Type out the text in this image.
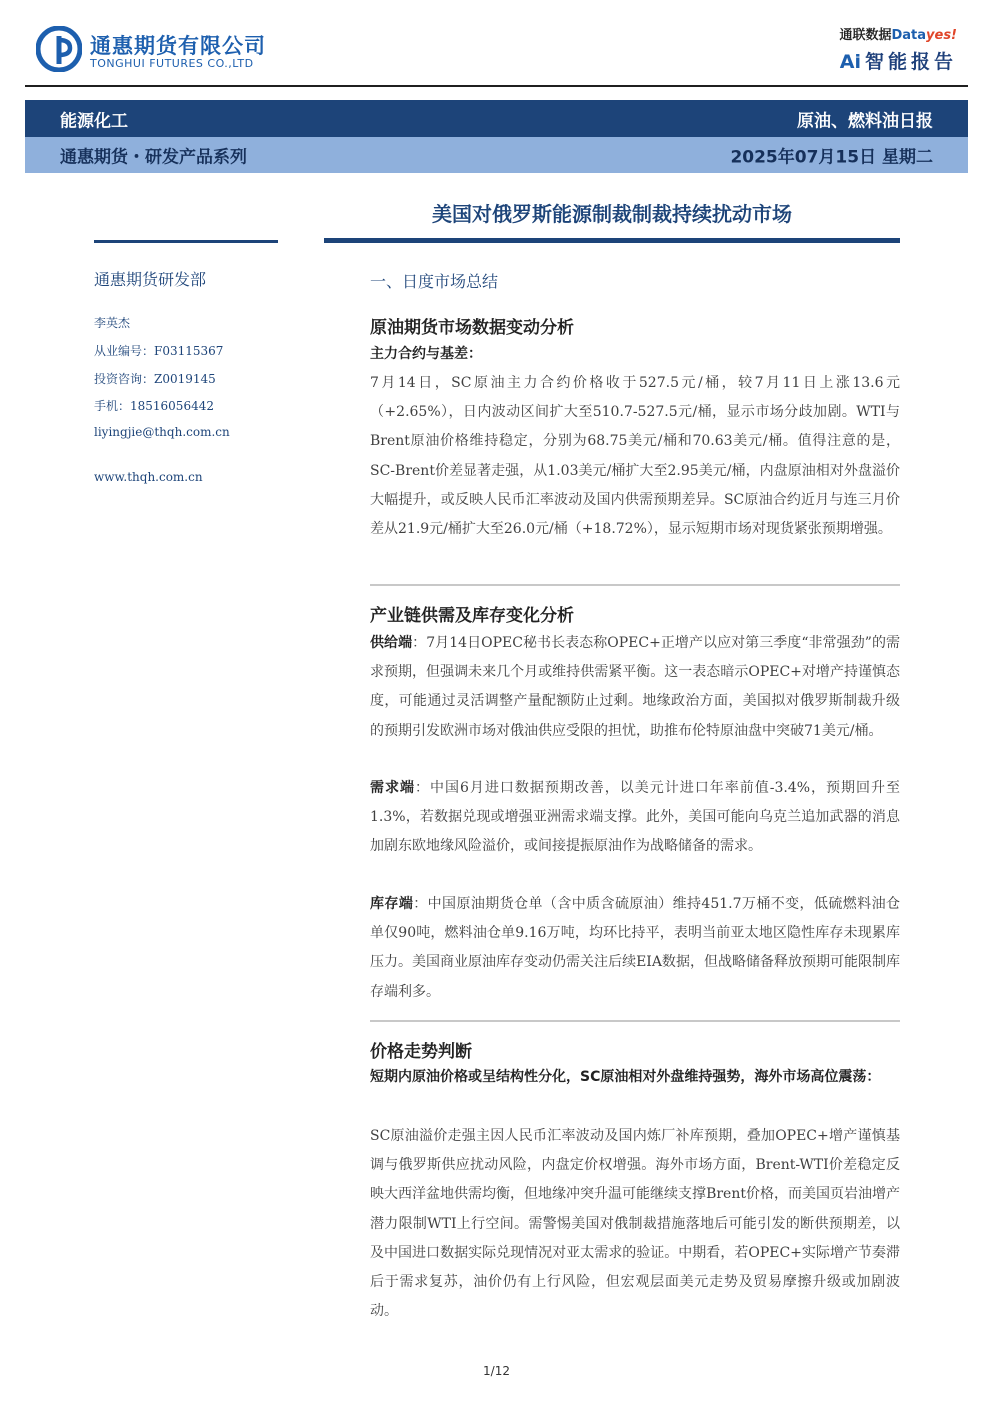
通惠期货有限公司
TONGHUI FUTURES CO.,LTD
通联数据Datayes!
Ai 智能报告
能源化工	原油、燃料油日报
通惠期货・研发产品系列	2025年07月15日 星期二
美国对俄罗斯能源制裁制裁持续扰动市场
通惠期货研发部
李英杰
从业编号：F03115367
投资咨询：Z0019145
手机：18516056442
liyingjie@thqh.com.cn
www.thqh.com.cn
一、日度市场总结
原油期货市场数据变动分析
主力合约与基差：
7月14日，SC原油主力合约价格收于527.5元/桶，较7月11日上涨13.6元（+2.65%），日内波动区间扩大至510.7-527.5元/桶，显示市场分歧加剧。WTI与Brent原油价格维持稳定，分别为68.75美元/桶和70.63美元/桶。值得注意的是，SC-Brent价差显著走强，从1.03美元/桶扩大至2.95美元/桶，内盘原油相对外盘溢价大幅提升，或反映人民币汇率波动及国内供需预期差异。SC原油合约近月与连三月价差从21.9元/桶扩大至26.0元/桶（+18.72%），显示短期市场对现货紧张预期增强。
产业链供需及库存变化分析
供给端：7月14日OPEC秘书长表态称OPEC+正增产以应对第三季度“非常强劲”的需求预期，但强调未来几个月或维持供需紧平衡。这一表态暗示OPEC+对增产持谨慎态度，可能通过灵活调整产量配额防止过剩。地缘政治方面，美国拟对俄罗斯制裁升级的预期引发欧洲市场对俄油供应受限的担忧，助推布伦特原油盘中突破71美元/桶。
需求端：中国6月进口数据预期改善，以美元计进口年率前值-3.4%，预期回升至1.3%，若数据兑现或增强亚洲需求端支撑。此外，美国可能向乌克兰追加武器的消息加剧东欧地缘风险溢价，或间接提振原油作为战略储备的需求。
库存端：中国原油期货仓单（含中质含硫原油）维持451.7万桶不变，低硫燃料油仓单仅90吨，燃料油仓单9.16万吨，均环比持平，表明当前亚太地区隐性库存未现累库压力。美国商业原油库存变动仍需关注后续EIA数据，但战略储备释放预期可能限制库存端利多。
价格走势判断
短期内原油价格或呈结构性分化，SC原油相对外盘维持强势，海外市场高位震荡：
SC原油溢价走强主因人民币汇率波动及国内炼厂补库预期，叠加OPEC+增产谨慎基调与俄罗斯供应扰动风险，内盘定价权增强。海外市场方面，Brent-WTI价差稳定反映大西洋盆地供需均衡，但地缘冲突升温可能继续支撑Brent价格，而美国页岩油增产潜力限制WTI上行空间。需警惕美国对俄制裁措施落地后可能引发的断供预期差，以及中国进口数据实际兑现情况对亚太需求的验证。中期看，若OPEC+实际增产节奏滞后于需求复苏，油价仍有上行风险，但宏观层面美元走势及贸易摩擦升级或加剧波动。
1/12
